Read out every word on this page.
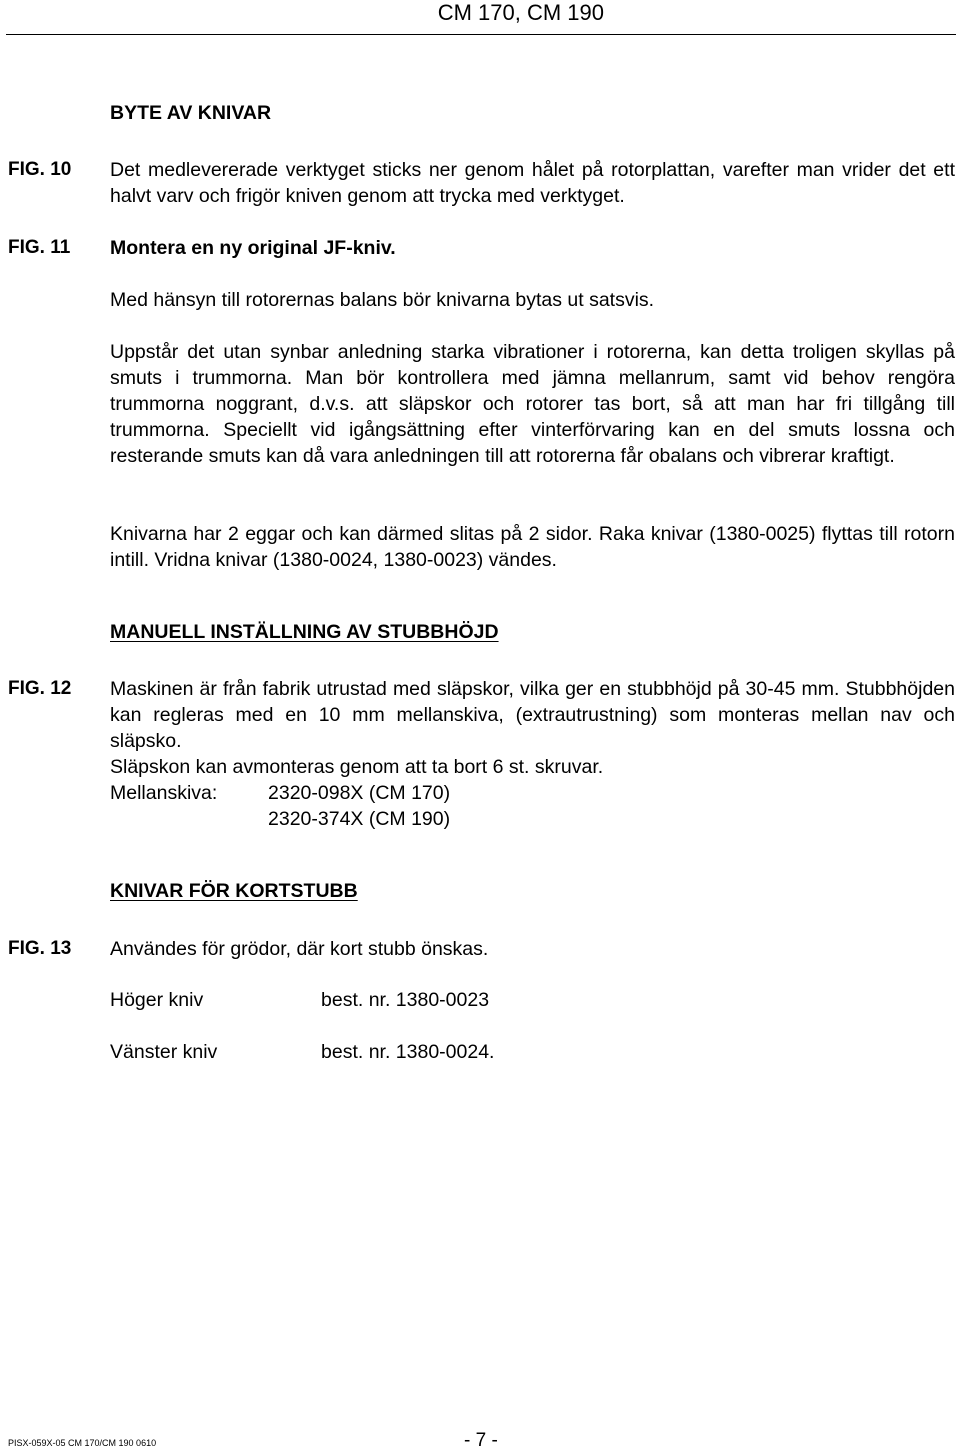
CM 170, CM 190
BYTE AV KNIVAR
FIG. 10 Det medlevererade verktyget sticks ner genom hålet på rotorplattan, varefter man vrider det ett halvt varv och frigör kniven genom att trycka med verktyget.
FIG. 11 Montera en ny original JF-kniv.
Med hänsyn till rotorernas balans bör knivarna bytas ut satsvis.
Uppstår det utan synbar anledning starka vibrationer i rotorerna, kan detta troligen skyllas på smuts i trummorna. Man bör kontrollera med jämna mellanrum, samt vid behov rengöra trummorna noggrant, d.v.s. att släpskor och rotorer tas bort, så att man har fri tillgång till trummorna. Speciellt vid igångsättning efter vinterförvaring kan en del smuts lossna och resterande smuts kan då vara anledningen till att rotorerna får obalans och vibrerar kraftigt.
Knivarna har 2 eggar och kan därmed slitas på 2 sidor. Raka knivar (1380-0025) flyttas till rotorn intill. Vridna knivar (1380-0024, 1380-0023) vändes.
MANUELL INSTÄLLNING AV STUBBHÖJD
FIG. 12 Maskinen är från fabrik utrustad med släpskor, vilka ger en stubbhöjd på 30-45 mm. Stubbhöjden kan regleras med en 10 mm mellanskiva, (extrautrustning) som monteras mellan nav och släpsko.
Släpskon kan avmonteras genom att ta bort 6 st. skruvar.
Mellanskiva:	2320-098X (CM 170)
2320-374X (CM 190)
KNIVAR FÖR KORTSTUBB
FIG. 13 Användes för grödor, där kort stubb önskas.
Höger kniv	best. nr. 1380-0023
Vänster kniv	best. nr. 1380-0024.
PISX-059X-05 CM 170/CM 190 0610	- 7 -
